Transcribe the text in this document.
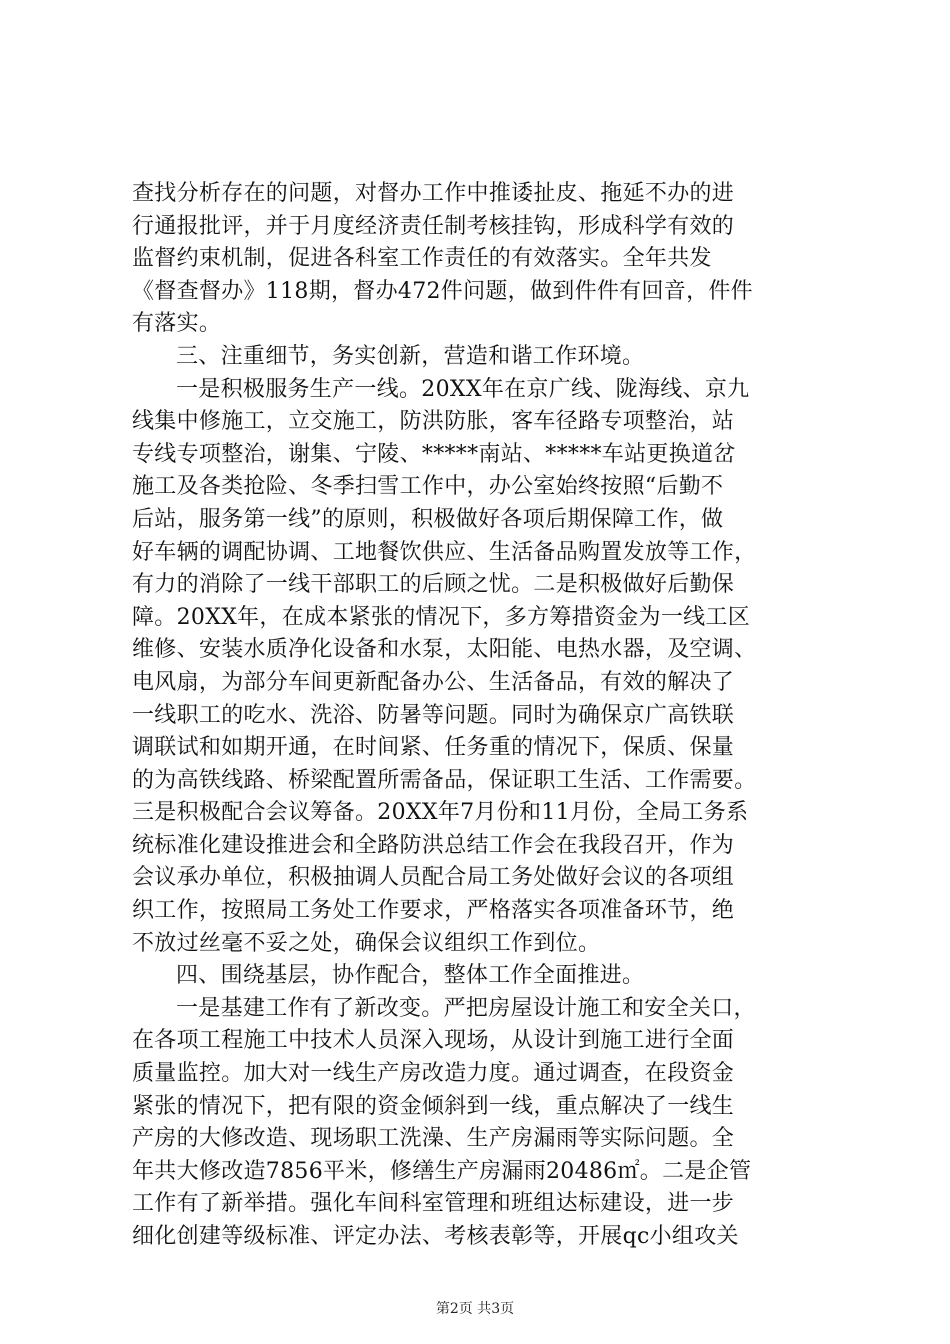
查找分析存在的问题，对督办工作中推诿扯皮、拖延不办的进
行通报批评，并于月度经济责任制考核挂钩，形成科学有效的
监督约束机制，促进各科室工作责任的有效落实。全年共发
《督查督办》118期，督办472件问题，做到件件有回音，件件
有落实。
三、注重细节，务实创新，营造和谐工作环境。
一是积极服务生产一线。20XX年在京广线、陇海线、京九
线集中修施工，立交施工，防洪防胀，客车径路专项整治，站
专线专项整治，谢集、宁陵、*****南站、*****车站更换道岔
施工及各类抢险、冬季扫雪工作中，办公室始终按照“后勤不
后站，服务第一线”的原则，积极做好各项后期保障工作，做
好车辆的调配协调、工地餐饮供应、生活备品购置发放等工作，
有力的消除了一线干部职工的后顾之忧。二是积极做好后勤保
障。20XX年，在成本紧张的情况下，多方筹措资金为一线工区
维修、安装水质净化设备和水泵，太阳能、电热水器，及空调、
电风扇，为部分车间更新配备办公、生活备品，有效的解决了
一线职工的吃水、洗浴、防暑等问题。同时为确保京广高铁联
调联试和如期开通，在时间紧、任务重的情况下，保质、保量
的为高铁线路、桥梁配置所需备品，保证职工生活、工作需要。
三是积极配合会议筹备。20XX年7月份和11月份，全局工务系
统标准化建设推进会和全路防洪总结工作会在我段召开，作为
会议承办单位，积极抽调人员配合局工务处做好会议的各项组
织工作，按照局工务处工作要求，严格落实各项准备环节，绝
不放过丝毫不妥之处，确保会议组织工作到位。
四、围绕基层，协作配合，整体工作全面推进。
一是基建工作有了新改变。严把房屋设计施工和安全关口，
在各项工程施工中技术人员深入现场，从设计到施工进行全面
质量监控。加大对一线生产房改造力度。通过调查，在段资金
紧张的情况下，把有限的资金倾斜到一线，重点解决了一线生
产房的大修改造、现场职工洗澡、生产房漏雨等实际问题。全
年共大修改造7856平米，修缮生产房漏雨20486㎡。二是企管
工作有了新举措。强化车间科室管理和班组达标建设，进一步
细化创建等级标准、评定办法、考核表彰等，开展qc小组攻关
第2页 共3页
